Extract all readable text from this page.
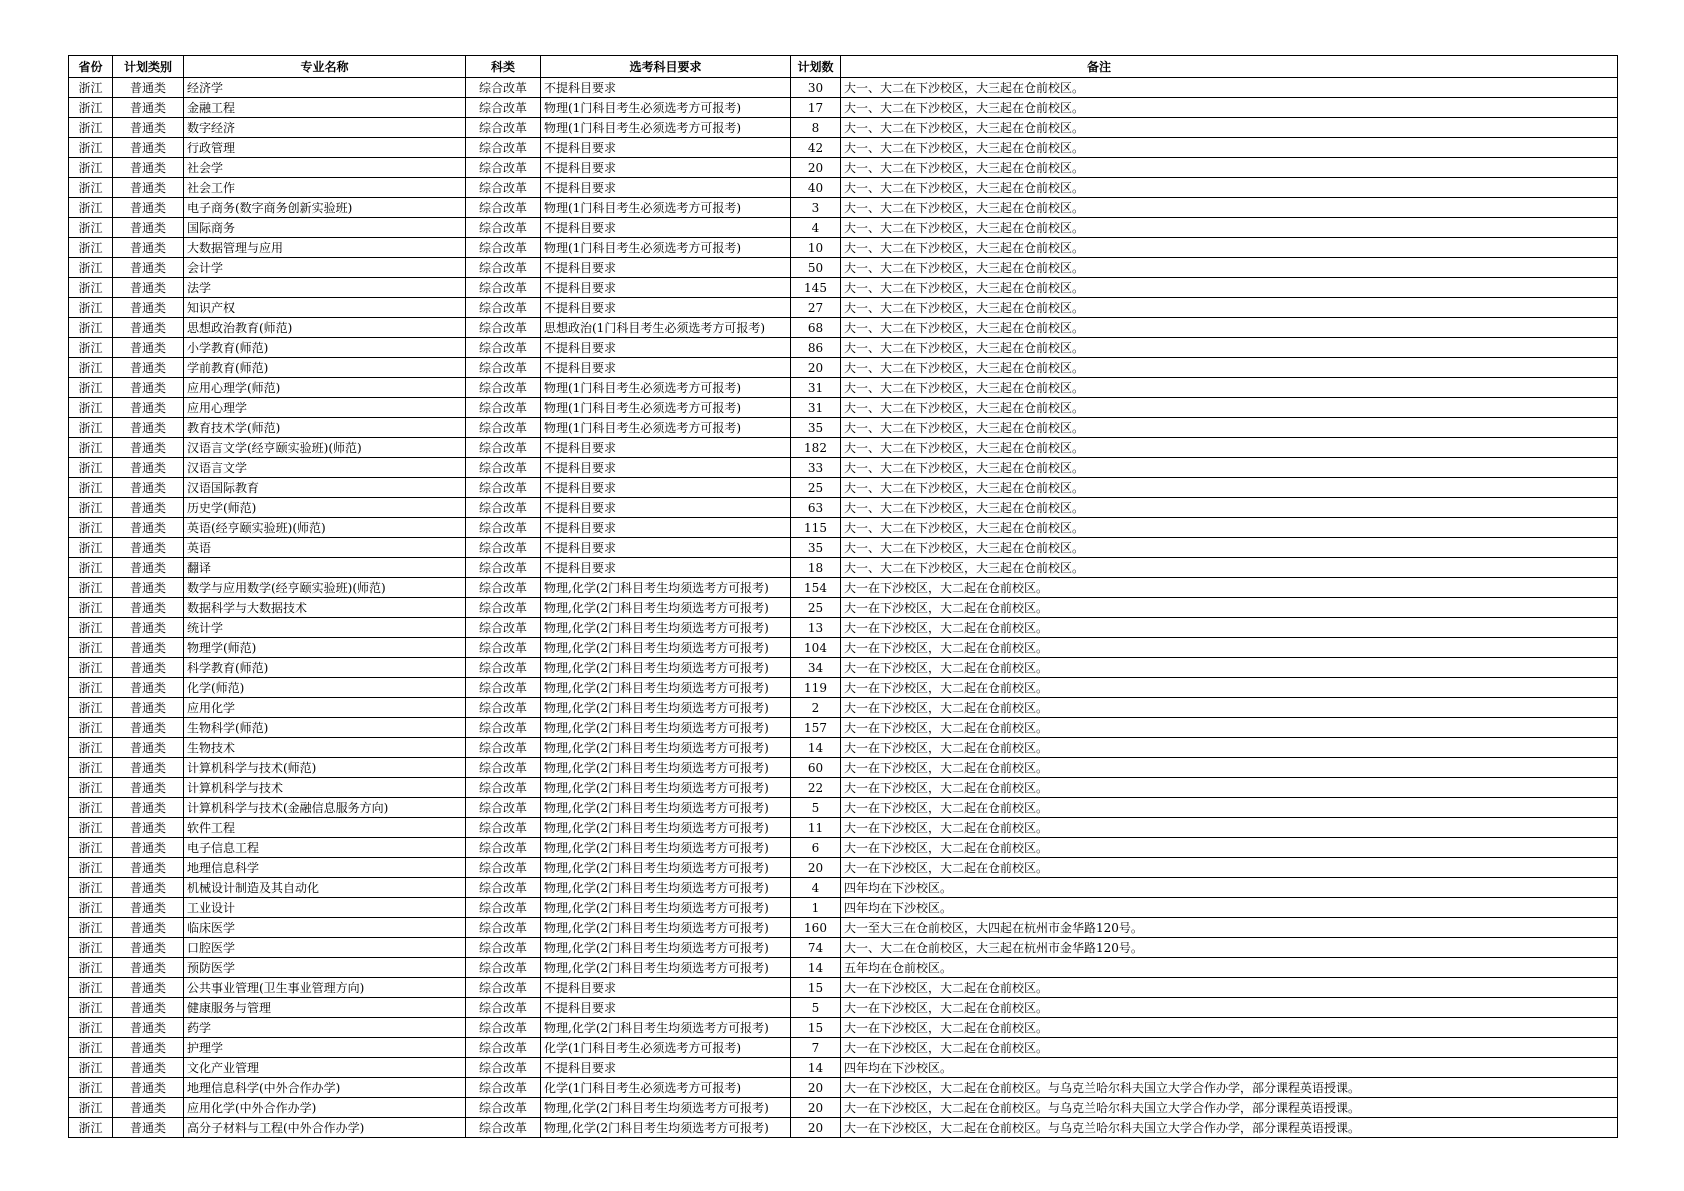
省份	计划类别	专业名称	科类	选考科目要求	计划数	备注
浙江	普通类	经济学	综合改革	不提科目要求	30	大一、大二在下沙校区，大三起在仓前校区。
浙江	普通类	金融工程	综合改革	物理(1门科目考生必须选考方可报考)	17	大一、大二在下沙校区，大三起在仓前校区。
浙江	普通类	数字经济	综合改革	物理(1门科目考生必须选考方可报考)	8	大一、大二在下沙校区，大三起在仓前校区。
浙江	普通类	行政管理	综合改革	不提科目要求	42	大一、大二在下沙校区，大三起在仓前校区。
浙江	普通类	社会学	综合改革	不提科目要求	20	大一、大二在下沙校区，大三起在仓前校区。
浙江	普通类	社会工作	综合改革	不提科目要求	40	大一、大二在下沙校区，大三起在仓前校区。
浙江	普通类	电子商务(数字商务创新实验班)	综合改革	物理(1门科目考生必须选考方可报考)	3	大一、大二在下沙校区，大三起在仓前校区。
浙江	普通类	国际商务	综合改革	不提科目要求	4	大一、大二在下沙校区，大三起在仓前校区。
浙江	普通类	大数据管理与应用	综合改革	物理(1门科目考生必须选考方可报考)	10	大一、大二在下沙校区，大三起在仓前校区。
浙江	普通类	会计学	综合改革	不提科目要求	50	大一、大二在下沙校区，大三起在仓前校区。
浙江	普通类	法学	综合改革	不提科目要求	145	大一、大二在下沙校区，大三起在仓前校区。
浙江	普通类	知识产权	综合改革	不提科目要求	27	大一、大二在下沙校区，大三起在仓前校区。
浙江	普通类	思想政治教育(师范)	综合改革	思想政治(1门科目考生必须选考方可报考)	68	大一、大二在下沙校区，大三起在仓前校区。
浙江	普通类	小学教育(师范)	综合改革	不提科目要求	86	大一、大二在下沙校区，大三起在仓前校区。
浙江	普通类	学前教育(师范)	综合改革	不提科目要求	20	大一、大二在下沙校区，大三起在仓前校区。
浙江	普通类	应用心理学(师范)	综合改革	物理(1门科目考生必须选考方可报考)	31	大一、大二在下沙校区，大三起在仓前校区。
浙江	普通类	应用心理学	综合改革	物理(1门科目考生必须选考方可报考)	31	大一、大二在下沙校区，大三起在仓前校区。
浙江	普通类	教育技术学(师范)	综合改革	物理(1门科目考生必须选考方可报考)	35	大一、大二在下沙校区，大三起在仓前校区。
浙江	普通类	汉语言文学(经亨颐实验班)(师范)	综合改革	不提科目要求	182	大一、大二在下沙校区，大三起在仓前校区。
浙江	普通类	汉语言文学	综合改革	不提科目要求	33	大一、大二在下沙校区，大三起在仓前校区。
浙江	普通类	汉语国际教育	综合改革	不提科目要求	25	大一、大二在下沙校区，大三起在仓前校区。
浙江	普通类	历史学(师范)	综合改革	不提科目要求	63	大一、大二在下沙校区，大三起在仓前校区。
浙江	普通类	英语(经亨颐实验班)(师范)	综合改革	不提科目要求	115	大一、大二在下沙校区，大三起在仓前校区。
浙江	普通类	英语	综合改革	不提科目要求	35	大一、大二在下沙校区，大三起在仓前校区。
浙江	普通类	翻译	综合改革	不提科目要求	18	大一、大二在下沙校区，大三起在仓前校区。
浙江	普通类	数学与应用数学(经亨颐实验班)(师范)	综合改革	物理,化学(2门科目考生均须选考方可报考)	154	大一在下沙校区，大二起在仓前校区。
浙江	普通类	数据科学与大数据技术	综合改革	物理,化学(2门科目考生均须选考方可报考)	25	大一在下沙校区，大二起在仓前校区。
浙江	普通类	统计学	综合改革	物理,化学(2门科目考生均须选考方可报考)	13	大一在下沙校区，大二起在仓前校区。
浙江	普通类	物理学(师范)	综合改革	物理,化学(2门科目考生均须选考方可报考)	104	大一在下沙校区，大二起在仓前校区。
浙江	普通类	科学教育(师范)	综合改革	物理,化学(2门科目考生均须选考方可报考)	34	大一在下沙校区，大二起在仓前校区。
浙江	普通类	化学(师范)	综合改革	物理,化学(2门科目考生均须选考方可报考)	119	大一在下沙校区，大二起在仓前校区。
浙江	普通类	应用化学	综合改革	物理,化学(2门科目考生均须选考方可报考)	2	大一在下沙校区，大二起在仓前校区。
浙江	普通类	生物科学(师范)	综合改革	物理,化学(2门科目考生均须选考方可报考)	157	大一在下沙校区，大二起在仓前校区。
浙江	普通类	生物技术	综合改革	物理,化学(2门科目考生均须选考方可报考)	14	大一在下沙校区，大二起在仓前校区。
浙江	普通类	计算机科学与技术(师范)	综合改革	物理,化学(2门科目考生均须选考方可报考)	60	大一在下沙校区，大二起在仓前校区。
浙江	普通类	计算机科学与技术	综合改革	物理,化学(2门科目考生均须选考方可报考)	22	大一在下沙校区，大二起在仓前校区。
浙江	普通类	计算机科学与技术(金融信息服务方向)	综合改革	物理,化学(2门科目考生均须选考方可报考)	5	大一在下沙校区，大二起在仓前校区。
浙江	普通类	软件工程	综合改革	物理,化学(2门科目考生均须选考方可报考)	11	大一在下沙校区，大二起在仓前校区。
浙江	普通类	电子信息工程	综合改革	物理,化学(2门科目考生均须选考方可报考)	6	大一在下沙校区，大二起在仓前校区。
浙江	普通类	地理信息科学	综合改革	物理,化学(2门科目考生均须选考方可报考)	20	大一在下沙校区，大二起在仓前校区。
浙江	普通类	机械设计制造及其自动化	综合改革	物理,化学(2门科目考生均须选考方可报考)	4	四年均在下沙校区。
浙江	普通类	工业设计	综合改革	物理,化学(2门科目考生均须选考方可报考)	1	四年均在下沙校区。
浙江	普通类	临床医学	综合改革	物理,化学(2门科目考生均须选考方可报考)	160	大一至大三在仓前校区，大四起在杭州市金华路120号。
浙江	普通类	口腔医学	综合改革	物理,化学(2门科目考生均须选考方可报考)	74	大一、大二在仓前校区，大三起在杭州市金华路120号。
浙江	普通类	预防医学	综合改革	物理,化学(2门科目考生均须选考方可报考)	14	五年均在仓前校区。
浙江	普通类	公共事业管理(卫生事业管理方向)	综合改革	不提科目要求	15	大一在下沙校区，大二起在仓前校区。
浙江	普通类	健康服务与管理	综合改革	不提科目要求	5	大一在下沙校区，大二起在仓前校区。
浙江	普通类	药学	综合改革	物理,化学(2门科目考生均须选考方可报考)	15	大一在下沙校区，大二起在仓前校区。
浙江	普通类	护理学	综合改革	化学(1门科目考生必须选考方可报考)	7	大一在下沙校区，大二起在仓前校区。
浙江	普通类	文化产业管理	综合改革	不提科目要求	14	四年均在下沙校区。
浙江	普通类	地理信息科学(中外合作办学)	综合改革	化学(1门科目考生必须选考方可报考)	20	大一在下沙校区，大二起在仓前校区。与乌克兰哈尔科夫国立大学合作办学，部分课程英语授课。
浙江	普通类	应用化学(中外合作办学)	综合改革	物理,化学(2门科目考生均须选考方可报考)	20	大一在下沙校区，大二起在仓前校区。与乌克兰哈尔科夫国立大学合作办学，部分课程英语授课。
浙江	普通类	高分子材料与工程(中外合作办学)	综合改革	物理,化学(2门科目考生均须选考方可报考)	20	大一在下沙校区，大二起在仓前校区。与乌克兰哈尔科夫国立大学合作办学，部分课程英语授课。
